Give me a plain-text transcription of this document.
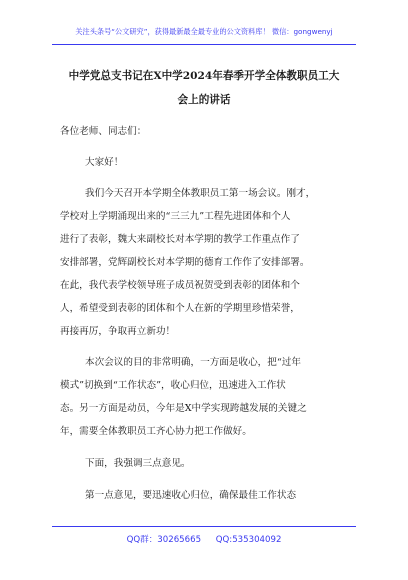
关注头条号“公文研究”，获得最新最全最专业的公文资料库！ 微信：gongwenyj
中学党总支书记在X中学2024年春季开学全体教职员工大
会上的讲话
各位老师、同志们：
大家好！
我们今天召开本学期全体教职员工第一场会议。刚才，
学校对上学期涌现出来的“三三九”工程先进团体和个人
进行了表彰，魏大来副校长对本学期的教学工作重点作了
安排部署，党辉副校长对本学期的德育工作作了安排部署。
在此，我代表学校领导班子成员祝贺受到表彰的团体和个
人，希望受到表彰的团体和个人在新的学期里珍惜荣誉，
再接再厉，争取再立新功！
本次会议的目的非常明确，一方面是收心，把“过年
模式”切换到“工作状态”，收心归位，迅速进入工作状
态。另一方面是动员，今年是X中学实现跨越发展的关键之
年，需要全体教职员工齐心协力把工作做好。
下面，我强调三点意见。
第一点意见，要迅速收心归位，确保最佳工作状态
QQ群：30265665 QQ:535304092
